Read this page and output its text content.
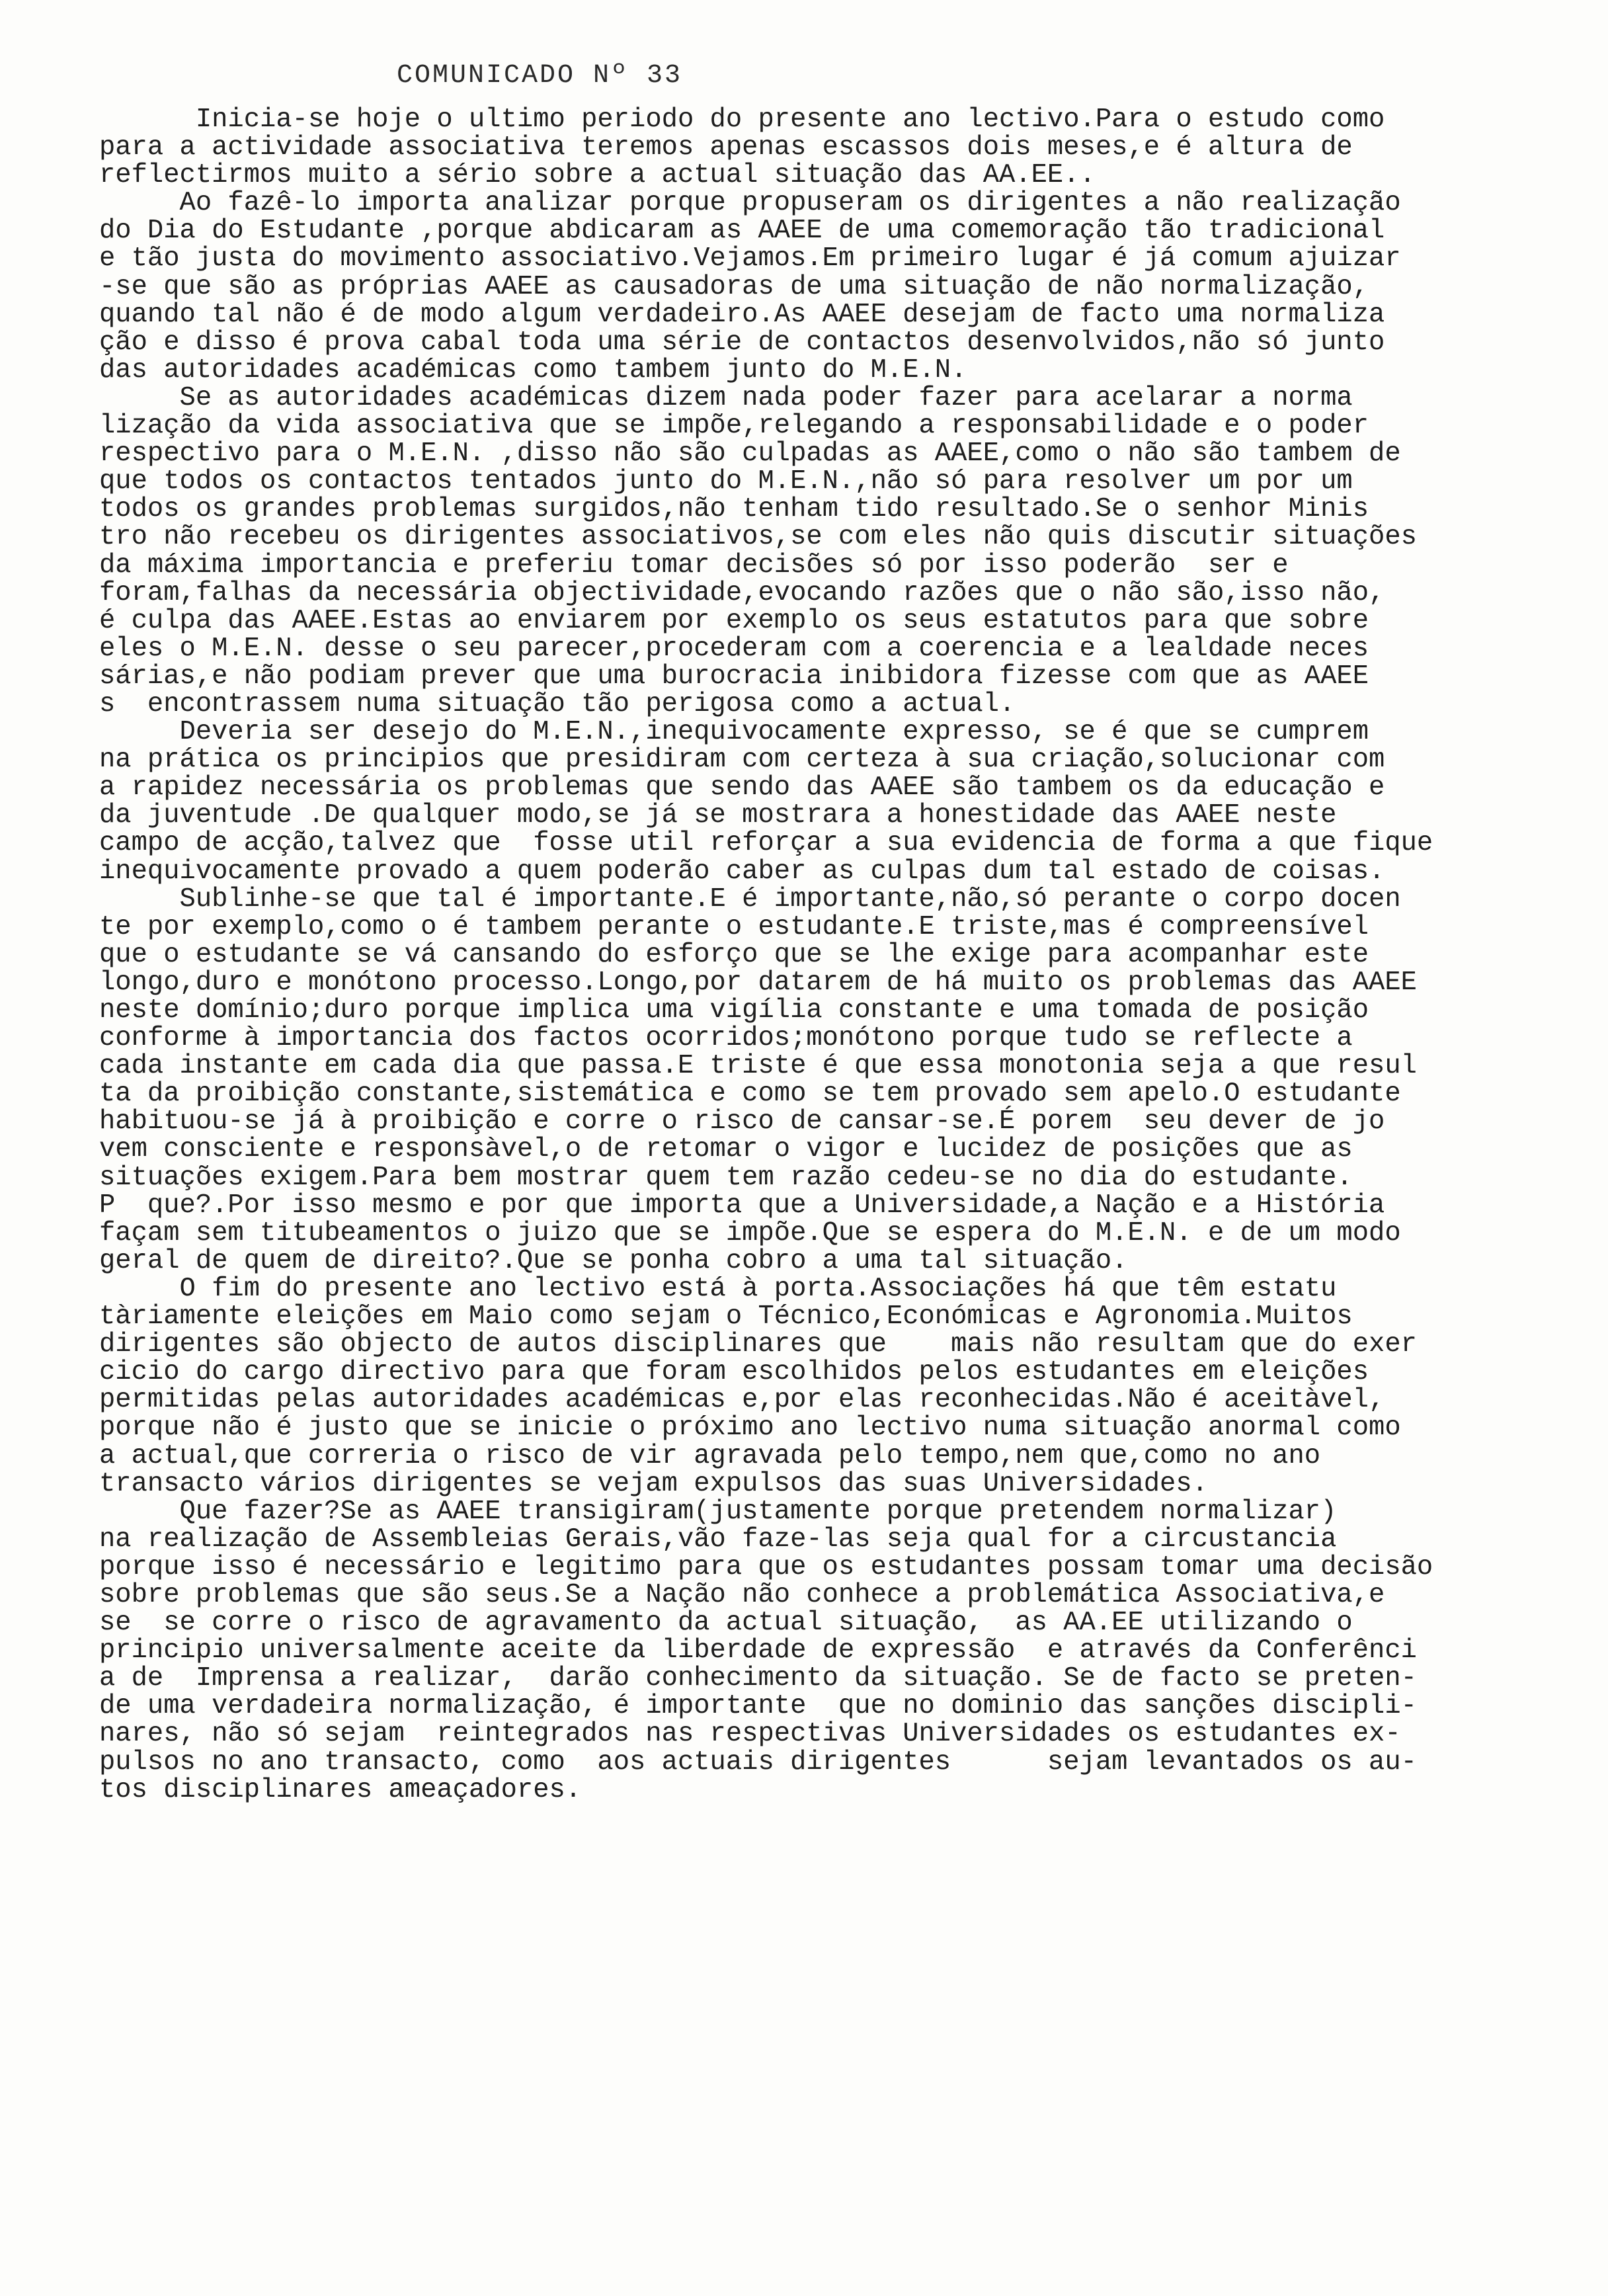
COMUNICADO Nº 33
Inicia-se hoje o ultimo periodo do presente ano lectivo.Para o estudo como
para a actividade associativa teremos apenas escassos dois meses,e é altura de
reflectirmos muito a sério sobre a actual situação das AA.EE..
Ao fazê-lo importa analizar porque propuseram os dirigentes a não realização
do Dia do Estudante ,porque abdicaram as AAEE de uma comemoração tão tradicional
e tão justa do movimento associativo.Vejamos.Em primeiro lugar é já comum ajuizar
-se que são as próprias AAEE as causadoras de uma situação de não normalização,
quando tal não é de modo algum verdadeiro.As AAEE desejam de facto uma normaliza
ção e disso é prova cabal toda uma série de contactos desenvolvidos,não só junto
das autoridades académicas como tambem junto do M.E.N.
Se as autoridades académicas dizem nada poder fazer para acelarar a norma
lização da vida associativa que se impõe,relegando a responsabilidade e o poder
respectivo para o M.E.N. ,disso não são culpadas as AAEE,como o não são tambem de
que todos os contactos tentados junto do M.E.N.,não só para resolver um por um
todos os grandes problemas surgidos,não tenham tido resultado.Se o senhor Minis
tro não recebeu os dirigentes associativos,se com eles não quis discutir situações
da máxima importancia e preferiu tomar decisões só por isso poderão  ser e
foram,falhas da necessária objectividade,evocando razões que o não são,isso não,
é culpa das AAEE.Estas ao enviarem por exemplo os seus estatutos para que sobre
eles o M.E.N. desse o seu parecer,procederam com a coerencia e a lealdade neces
sárias,e não podiam prever que uma burocracia inibidora fizesse com que as AAEE
s  encontrassem numa situação tão perigosa como a actual.
Deveria ser desejo do M.E.N.,inequivocamente expresso, se é que se cumprem
na prática os principios que presidiram com certeza à sua criação,solucionar com
a rapidez necessária os problemas que sendo das AAEE são tambem os da educação e
da juventude .De qualquer modo,se já se mostrara a honestidade das AAEE neste
campo de acção,talvez que  fosse util reforçar a sua evidencia de forma a que fique
inequivocamente provado a quem poderão caber as culpas dum tal estado de coisas.
Sublinhe-se que tal é importante.E é importante,não,só perante o corpo docen
te por exemplo,como o é tambem perante o estudante.E triste,mas é compreensível
que o estudante se vá cansando do esforço que se lhe exige para acompanhar este
longo,duro e monótono processo.Longo,por datarem de há muito os problemas das AAEE
neste domínio;duro porque implica uma vigília constante e uma tomada de posição
conforme à importancia dos factos ocorridos;monótono porque tudo se reflecte a
cada instante em cada dia que passa.E triste é que essa monotonia seja a que resul
ta da proibição constante,sistemática e como se tem provado sem apelo.O estudante
habituou-se já à proibição e corre o risco de cansar-se.É porem  seu dever de jo
vem consciente e responsàvel,o de retomar o vigor e lucidez de posições que as
situações exigem.Para bem mostrar quem tem razão cedeu-se no dia do estudante.
P  que?.Por isso mesmo e por que importa que a Universidade,a Nação e a História
façam sem titubeamentos o juizo que se impõe.Que se espera do M.E.N. e de um modo
geral de quem de direito?.Que se ponha cobro a uma tal situação.
O fim do presente ano lectivo está à porta.Associações há que têm estatu
tàriamente eleições em Maio como sejam o Técnico,Económicas e Agronomia.Muitos
dirigentes são objecto de autos disciplinares que    mais não resultam que do exer
cicio do cargo directivo para que foram escolhidos pelos estudantes em eleições
permitidas pelas autoridades académicas e,por elas reconhecidas.Não é aceitàvel,
porque não é justo que se inicie o próximo ano lectivo numa situação anormal como
a actual,que correria o risco de vir agravada pelo tempo,nem que,como no ano
transacto vários dirigentes se vejam expulsos das suas Universidades.
Que fazer?Se as AAEE transigiram(justamente porque pretendem normalizar)
na realização de Assembleias Gerais,vão faze-las seja qual for a circustancia
porque isso é necessário e legitimo para que os estudantes possam tomar uma decisão
sobre problemas que são seus.Se a Nação não conhece a problemática Associativa,e
se  se corre o risco de agravamento da actual situação,  as AA.EE utilizando o
principio universalmente aceite da liberdade de expressão  e através da Conferênci
a de  Imprensa a realizar,  darão conhecimento da situação. Se de facto se preten-
de uma verdadeira normalização, é importante  que no dominio das sanções discipli-
nares, não só sejam  reintegrados nas respectivas Universidades os estudantes ex-
pulsos no ano transacto, como  aos actuais dirigentes      sejam levantados os au-
tos disciplinares ameaçadores.
